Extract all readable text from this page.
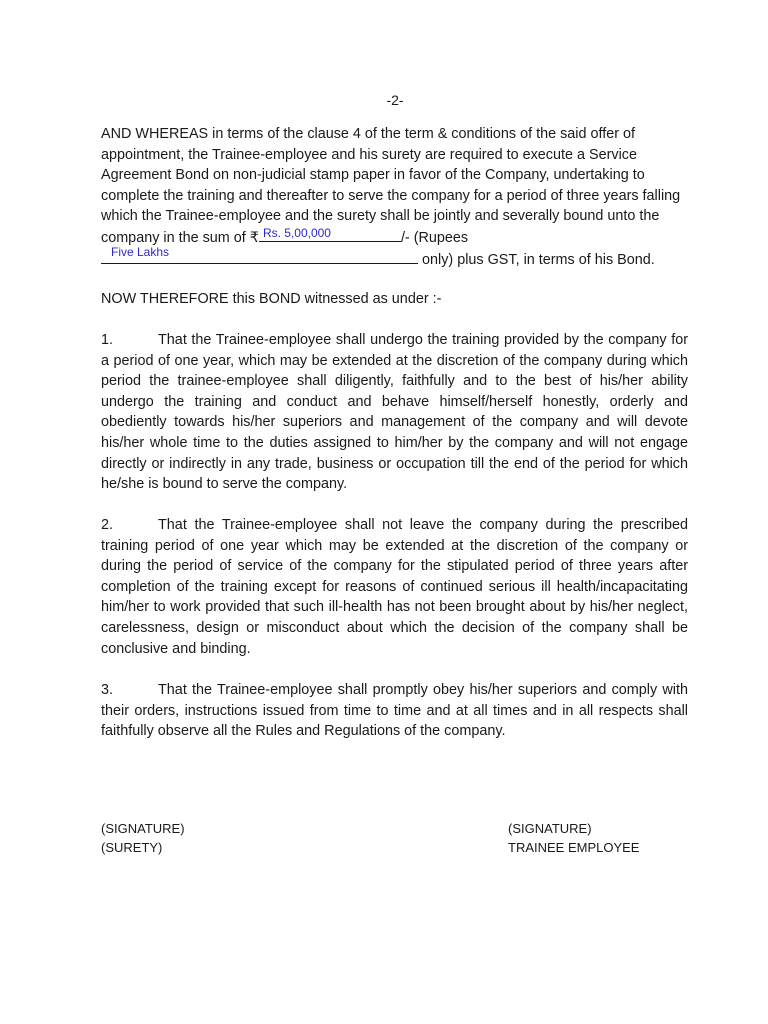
-2-

AND WHEREAS in terms of the clause 4 of the term & conditions of the said offer of appointment, the Trainee-employee and his surety are required to execute a Service Agreement Bond on non-judicial stamp paper in favor of the Company, undertaking to complete the training and thereafter to serve the company for a period of three years falling which the Trainee-employee and the surety shall be jointly and severally bound unto the company in the sum of ₹ Rs. 5,00,000	/- (Rupees

Five Lakhs	only) plus GST, in terms of his Bond.

NOW THEREFORE this BOND witnessed as under :-

1.	That the Trainee-employee shall undergo the training provided by the company for a period of one year, which may be extended at the discretion of the company during which period the trainee-employee shall diligently, faithfully and to the best of his/her ability undergo the training and conduct and behave himself/herself honestly, orderly and obediently towards his/her superiors and management of the company and will devote his/her whole time to the duties assigned to him/her by the company and will not engage directly or indirectly in any trade, business or occupation till the end of the period for which he/she is bound to serve the company.

2.	That the Trainee-employee shall not leave the company during the prescribed training period of one year which may be extended at the discretion of the company or during the period of service of the company for the stipulated period of three years after completion of the training except for reasons of continued serious ill health/incapacitating him/her to work provided that such ill-health has not been brought about by his/her neglect, carelessness, design or misconduct about which the decision of the company shall be conclusive and binding.

3.	That the Trainee-employee shall promptly obey his/her superiors and comply with their orders, instructions issued from time to time and at all times and in all respects shall faithfully observe all the Rules and Regulations of the company.

(SIGNATURE)
(SURETY)
(SIGNATURE)
TRAINEE EMPLOYEE
